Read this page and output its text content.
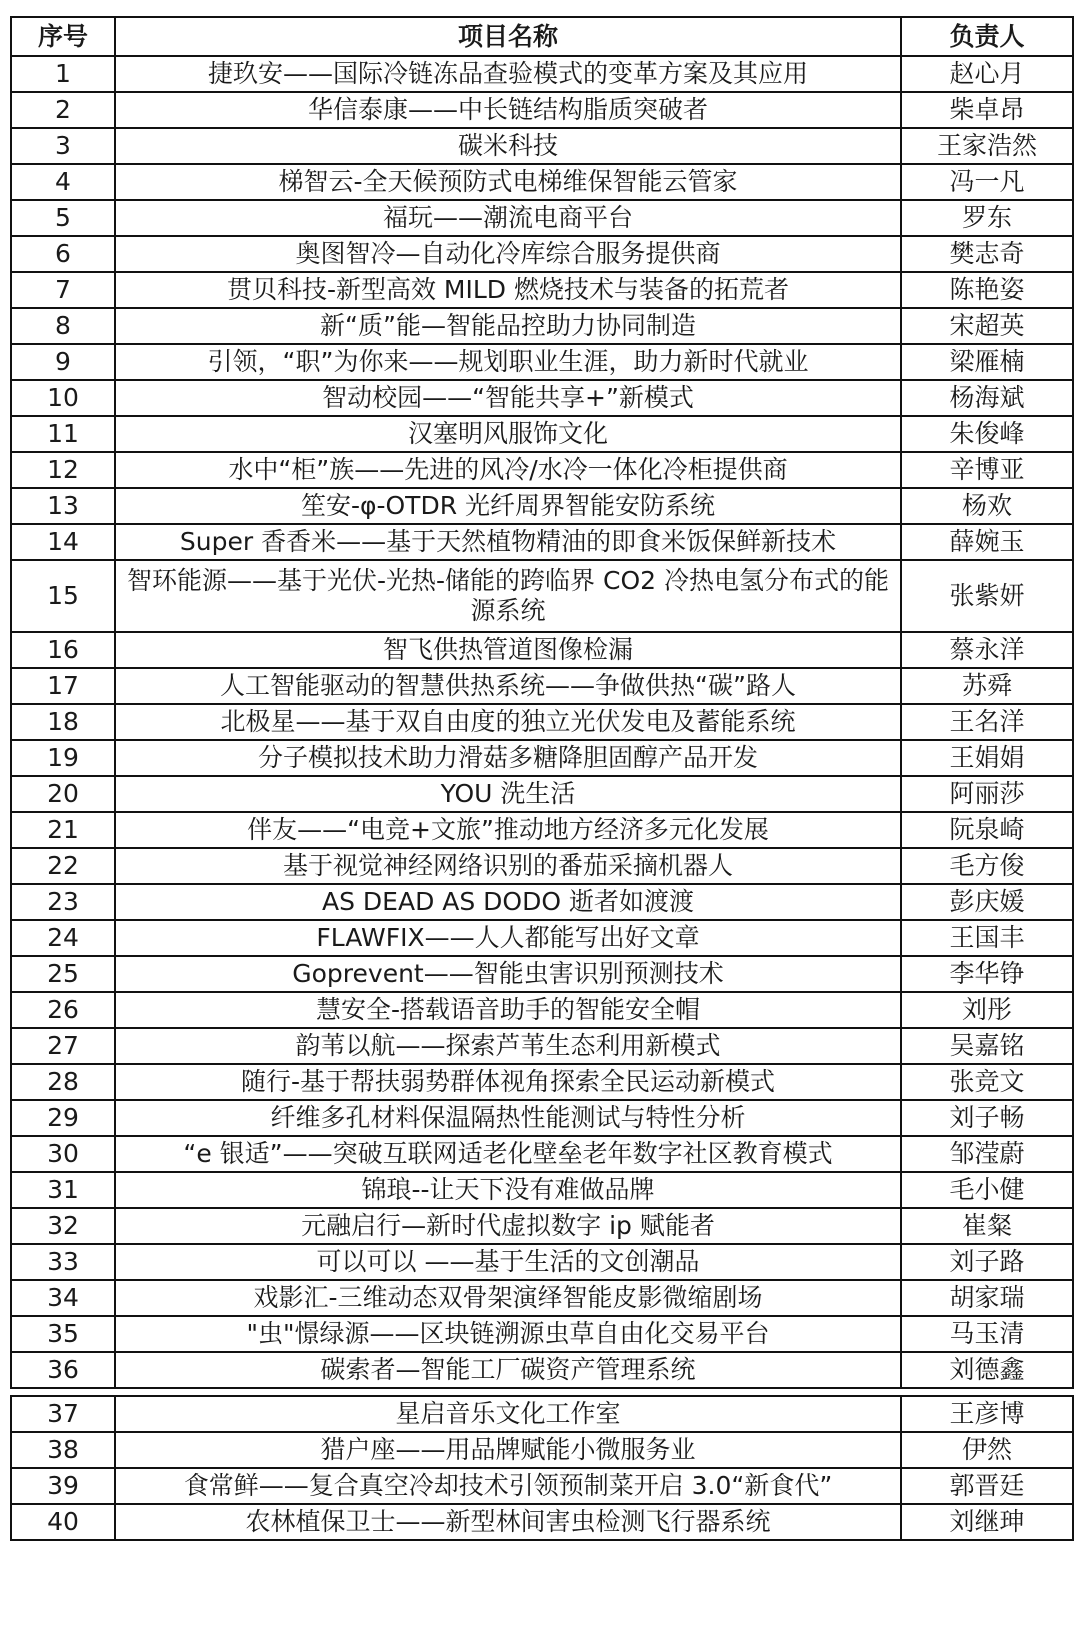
序号	项目名称	负责人
1	捷玖安——国际冷链冻品查验模式的变革方案及其应用	赵心月
2	华信泰康——中长链结构脂质突破者	柴卓昂
3	碳米科技	王家浩然
4	梯智云-全天候预防式电梯维保智能云管家	冯一凡
5	福玩——潮流电商平台	罗东
6	奥图智冷—自动化冷库综合服务提供商	樊志奇
7	贯贝科技-新型高效 MILD 燃烧技术与装备的拓荒者	陈艳姿
8	新“质”能—智能品控助力协同制造	宋超英
9	引领，“职”为你来——规划职业生涯，助力新时代就业	梁雁楠
10	智动校园——“智能共享+”新模式	杨海斌
11	汉塞明风服饰文化	朱俊峰
12	水中“柜”族——先进的风冷/水冷一体化冷柜提供商	辛博亚
13	笙安-φ-OTDR 光纤周界智能安防系统	杨欢
14	Super 香香米——基于天然植物精油的即食米饭保鲜新技术	薛婉玉
15	智环能源——基于光伏-光热-储能的跨临界 CO2 冷热电氢分布式的能源系统	张紫妍
16	智飞供热管道图像检漏	蔡永洋
17	人工智能驱动的智慧供热系统——争做供热“碳”路人	苏舜
18	北极星——基于双自由度的独立光伏发电及蓄能系统	王名洋
19	分子模拟技术助力滑菇多糖降胆固醇产品开发	王娟娟
20	YOU 洗生活	阿丽莎
21	伴友——“电竞+文旅”推动地方经济多元化发展	阮泉崎
22	基于视觉神经网络识别的番茄采摘机器人	毛方俊
23	AS DEAD AS DODO 逝者如渡渡	彭庆媛
24	FLAWFIX——人人都能写出好文章	王国丰
25	Goprevent——智能虫害识别预测技术	李华铮
26	慧安全-搭载语音助手的智能安全帽	刘彤
27	韵苇以航——探索芦苇生态利用新模式	吴嘉铭
28	随行-基于帮扶弱势群体视角探索全民运动新模式	张竞文
29	纤维多孔材料保温隔热性能测试与特性分析	刘子畅
30	“e 银适”——突破互联网适老化壁垒老年数字社区教育模式	邹滢蔚
31	锦琅--让天下没有难做品牌	毛小健
32	元融启行—新时代虚拟数字 ip 赋能者	崔粲
33	可以可以 ——基于生活的文创潮品	刘子路
34	戏影汇-三维动态双骨架演绎智能皮影微缩剧场	胡家瑞
35	"虫"憬绿源——区块链溯源虫草自由化交易平台	马玉清
36	碳索者—智能工厂碳资产管理系统	刘德鑫
37	星启音乐文化工作室	王彦博
38	猎户座——用品牌赋能小微服务业	伊然
39	食常鲜——复合真空冷却技术引领预制菜开启 3.0“新食代”	郭晋廷
40	农林植保卫士——新型林间害虫检测飞行器系统	刘继珅
